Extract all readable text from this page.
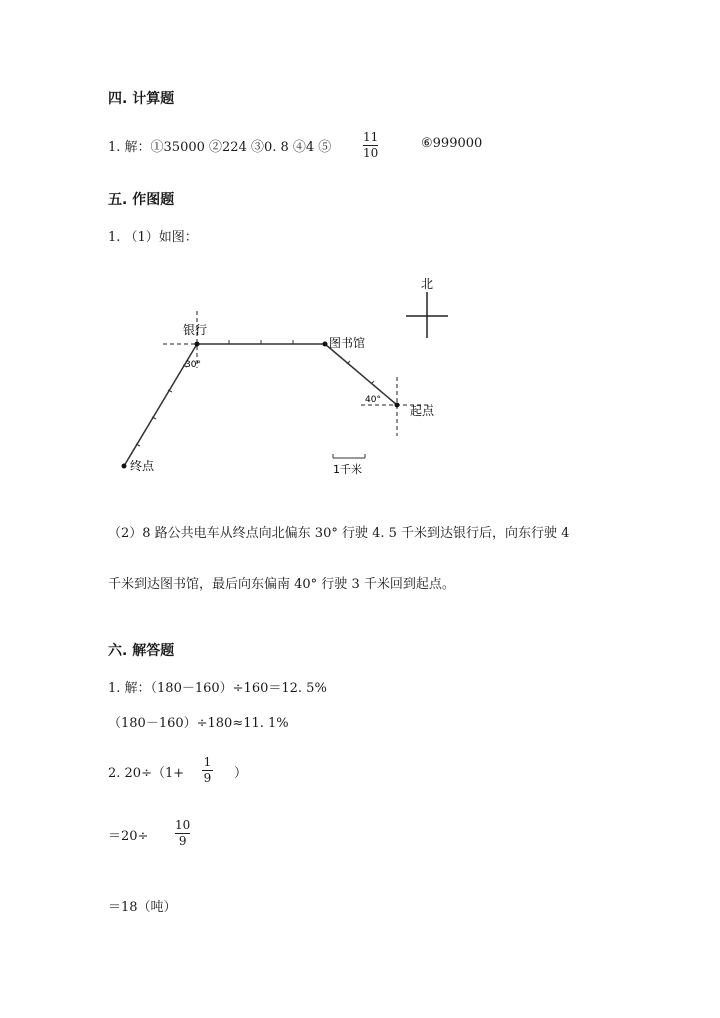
四. 计算题
1. 解：①35000 ②224 ③0. 8 ④4 ⑤
11
10
⑥999000
五. 作图题
1. （1）如图：
北
银行
图书馆
起点
终点
30°
40°
1千米
（2）8 路公共电车从终点向北偏东 30° 行驶 4. 5 千米到达银行后，向东行驶 4
千米到达图书馆，最后向东偏南 40° 行驶 3 千米回到起点。
六. 解答题
1. 解：（180－160）÷160＝12. 5%
（180－160）÷180≈11. 1%
2. 20÷（1+
1
9 ）
＝20÷
10
9
＝18（吨）
